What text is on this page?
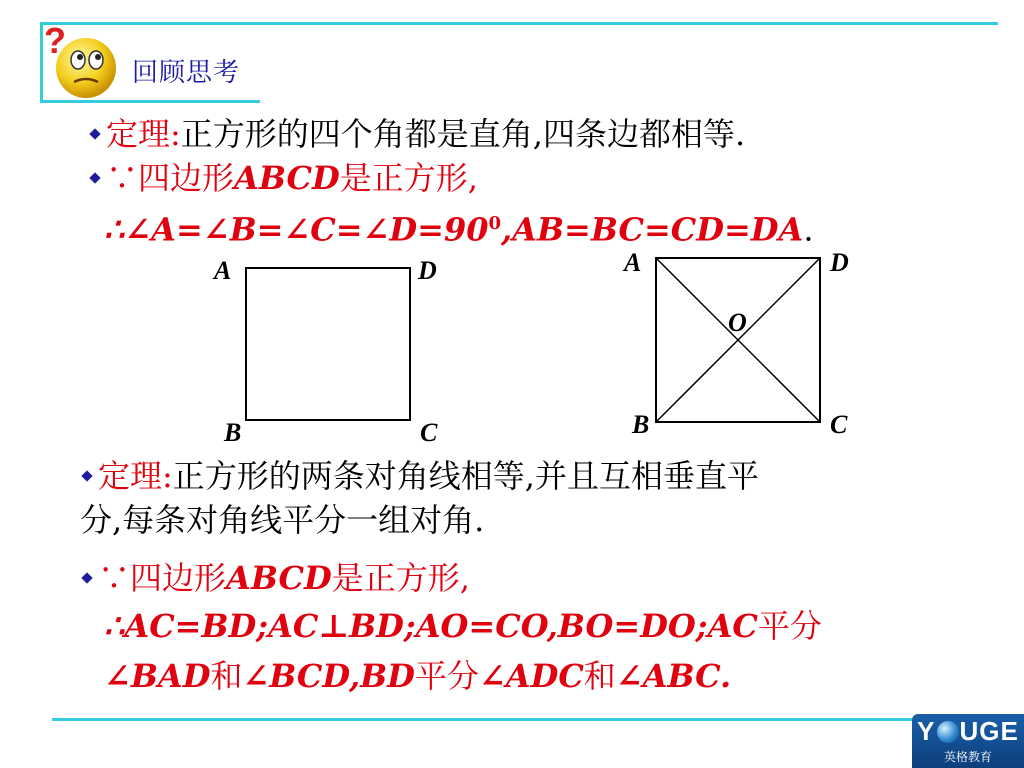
?
回顾思考
定理:正方形的四个角都是直角,四条边都相等.
∵四边形ABCD是正方形,
$\therefore\angle A=\angle B=\angle C=\angle D=90^0,AB=BC=CD=DA$.
A	D
B	C
A	D
O
B	C
定理:正方形的两条对角线相等,并且互相垂直平
分,每条对角线平分一组对角.
∵四边形ABCD是正方形,
∴AC=BD;AC⊥BD;AO=CO,BO=DO;AC平分
∠BAD和∠BCD,BD平分∠ADC和∠ABC.
Y UGE
英格教育
